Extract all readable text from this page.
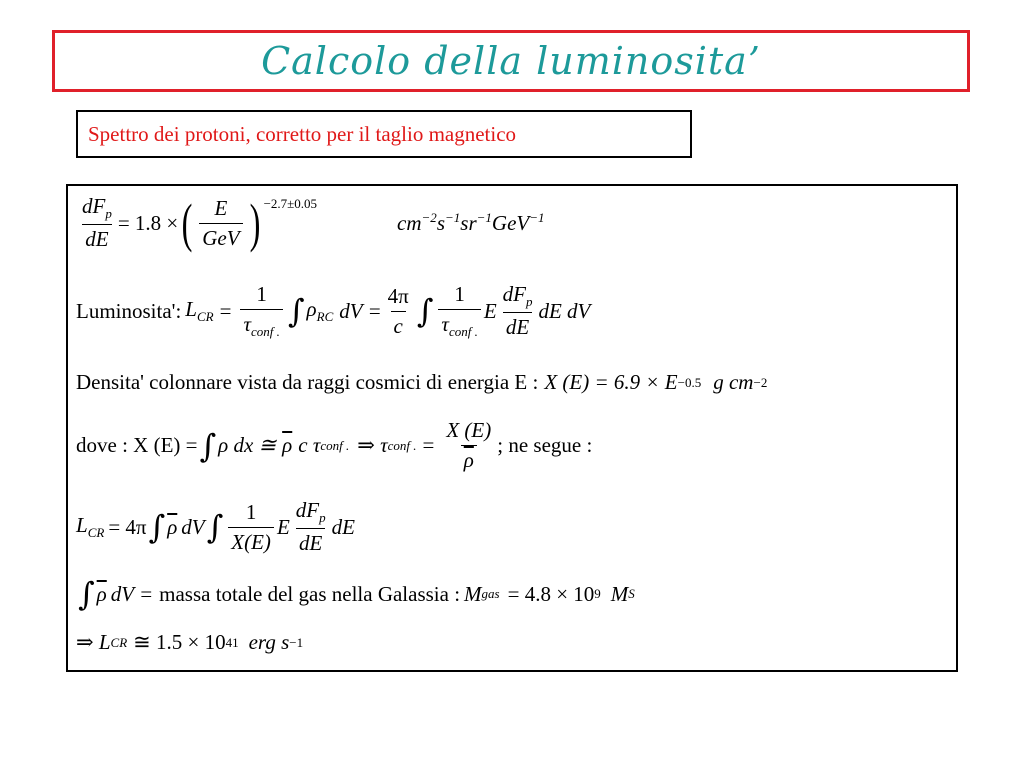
Calcolo della luminosita’
Spettro dei protoni, corretto per il taglio magnetico
$\frac{dF_p}{dE} = 1.8$ × ( $\frac{E}{\text{GeV}}$ ) −2.7±0.05
$cm^{-2}s^{-1}sr^{-1}GeV^{-1}$
Luminosita': $L_{CR} = \frac{1}{\tau_{conf .}}$ ∫ $\rho_{RC}$ dV = $\frac{4\pi}{c}$ ∫ $\frac{1}{\tau_{conf .}}$ E $\frac{dF_p}{dE}$ dE dV
Densita' colonnare vista da raggi cosmici di energia E : X (E) = 6.9 × E −0.5 g cm −2
dove : X (E) = ∫ ρ dx ≅ $\overline{\rho}$ c τ conf . ⇒ τ conf . = $\frac{X (E)}{\rho}$ ; ne segue :
$L_{CR} = 4\pi$ ∫ $\overline{\rho}$ dV ∫ $\frac{1}{X(E)}$ E $\frac{dF_p}{dE}$ dE
∫ $\overline{\rho}$ dV = massa totale del gas nella Galassia : M gas = 4.8 × 10 9 M S
⇒ L CR ≅ 1.5 × 10 41 erg s −1
